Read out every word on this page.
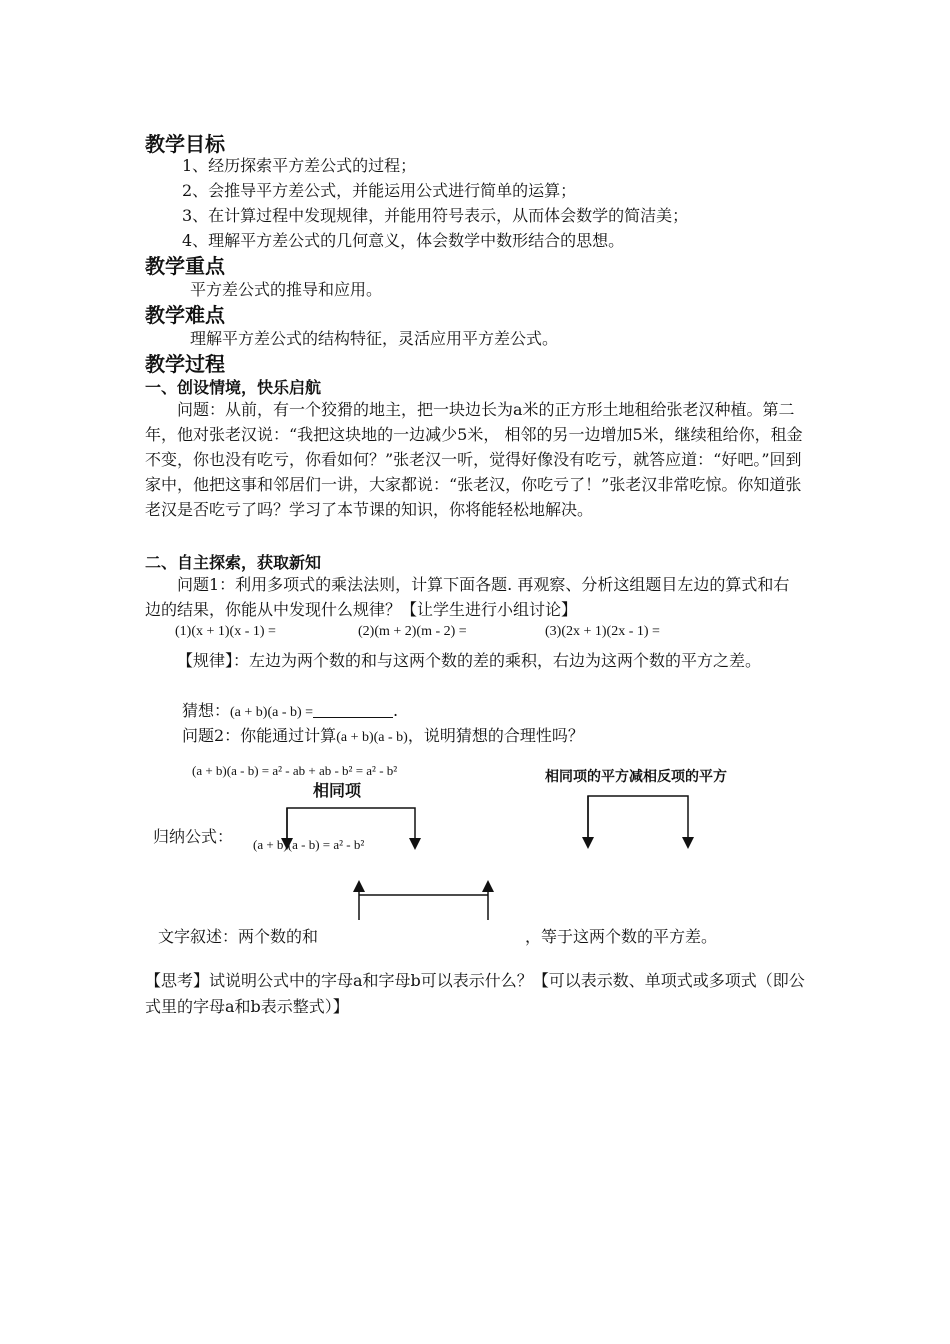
教学目标
1、经历探索平方差公式的过程；
2、会推导平方差公式，并能运用公式进行简单的运算；
3、在计算过程中发现规律，并能用符号表示，从而体会数学的简洁美；
4、理解平方差公式的几何意义，体会数学中数形结合的思想。
教学重点
平方差公式的推导和应用。
教学难点
理解平方差公式的结构特征，灵活应用平方差公式。
教学过程
一、创设情境，快乐启航
问题：从前，有一个狡猾的地主，把一块边长为a米的正方形土地租给张老汉种植。第二年，他对张老汉说：“我把这块地的一边减少5米， 相邻的另一边增加5米，继续租给你，租金不变，你也没有吃亏，你看如何？”张老汉一听，觉得好像没有吃亏，就答应道：“好吧。”回到家中，他把这事和邻居们一讲，大家都说：“张老汉，你吃亏了！”张老汉非常吃惊。你知道张老汉是否吃亏了吗？学习了本节课的知识，你将能轻松地解决。
二、自主探索，获取新知
问题1：利用多项式的乘法法则，计算下面各题. 再观察、分析这组题目左边的算式和右边的结果，你能从中发现什么规律？【让学生进行小组讨论】
(1)(x + 1)(x - 1) =	(2)(m + 2)(m - 2) =	(3)(2x + 1)(2x - 1) =
【规律】：左边为两个数的和与这两个数的差的乘积，右边为这两个数的平方之差。
猜想：(a + b)(a - b) =	.
问题2：你能通过计算(a + b)(a - b)，说明猜想的合理性吗？
(a + b)(a - b) = a² - ab + ab - b² = a² - b²	相同项的平方减相反项的平方
相同项
归纳公式： (a + b)(a - b) = a² - b²
文字叙述：两个数的和	，等于这两个数的平方差。
【思考】试说明公式中的字母a和字母b可以表示什么？【可以表示数、单项式或多项式（即公式里的字母a和b表示整式）】
